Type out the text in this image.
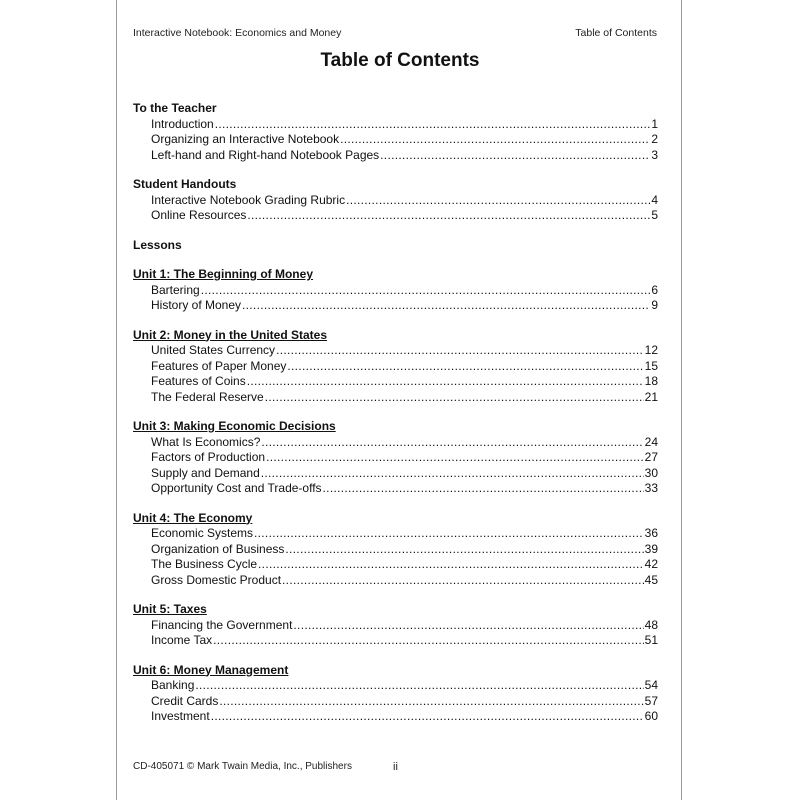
Interactive Notebook: Economics and Money	Table of Contents
Table of Contents
To the Teacher
Introduction .....	1
Organizing an Interactive Notebook .....	2
Left-hand and Right-hand Notebook Pages .....	3
Student Handouts
Interactive Notebook Grading Rubric .....	4
Online Resources .....	5
Lessons
Unit 1: The Beginning of Money
Bartering .....	6
History of Money .....	9
Unit 2: Money in the United States
United States Currency .....	12
Features of Paper Money .....	15
Features of Coins .....	18
The Federal Reserve .....	21
Unit 3: Making Economic Decisions
What Is Economics? .....	24
Factors of Production .....	27
Supply and Demand .....	30
Opportunity Cost and Trade-offs .....	33
Unit 4: The Economy
Economic Systems .....	36
Organization of Business .....	39
The Business Cycle .....	42
Gross Domestic Product .....	45
Unit 5: Taxes
Financing the Government .....	48
Income Tax .....	51
Unit 6: Money Management
Banking .....	54
Credit Cards .....	57
Investment .....	60
CD-405071 © Mark Twain Media, Inc., Publishers	ii
